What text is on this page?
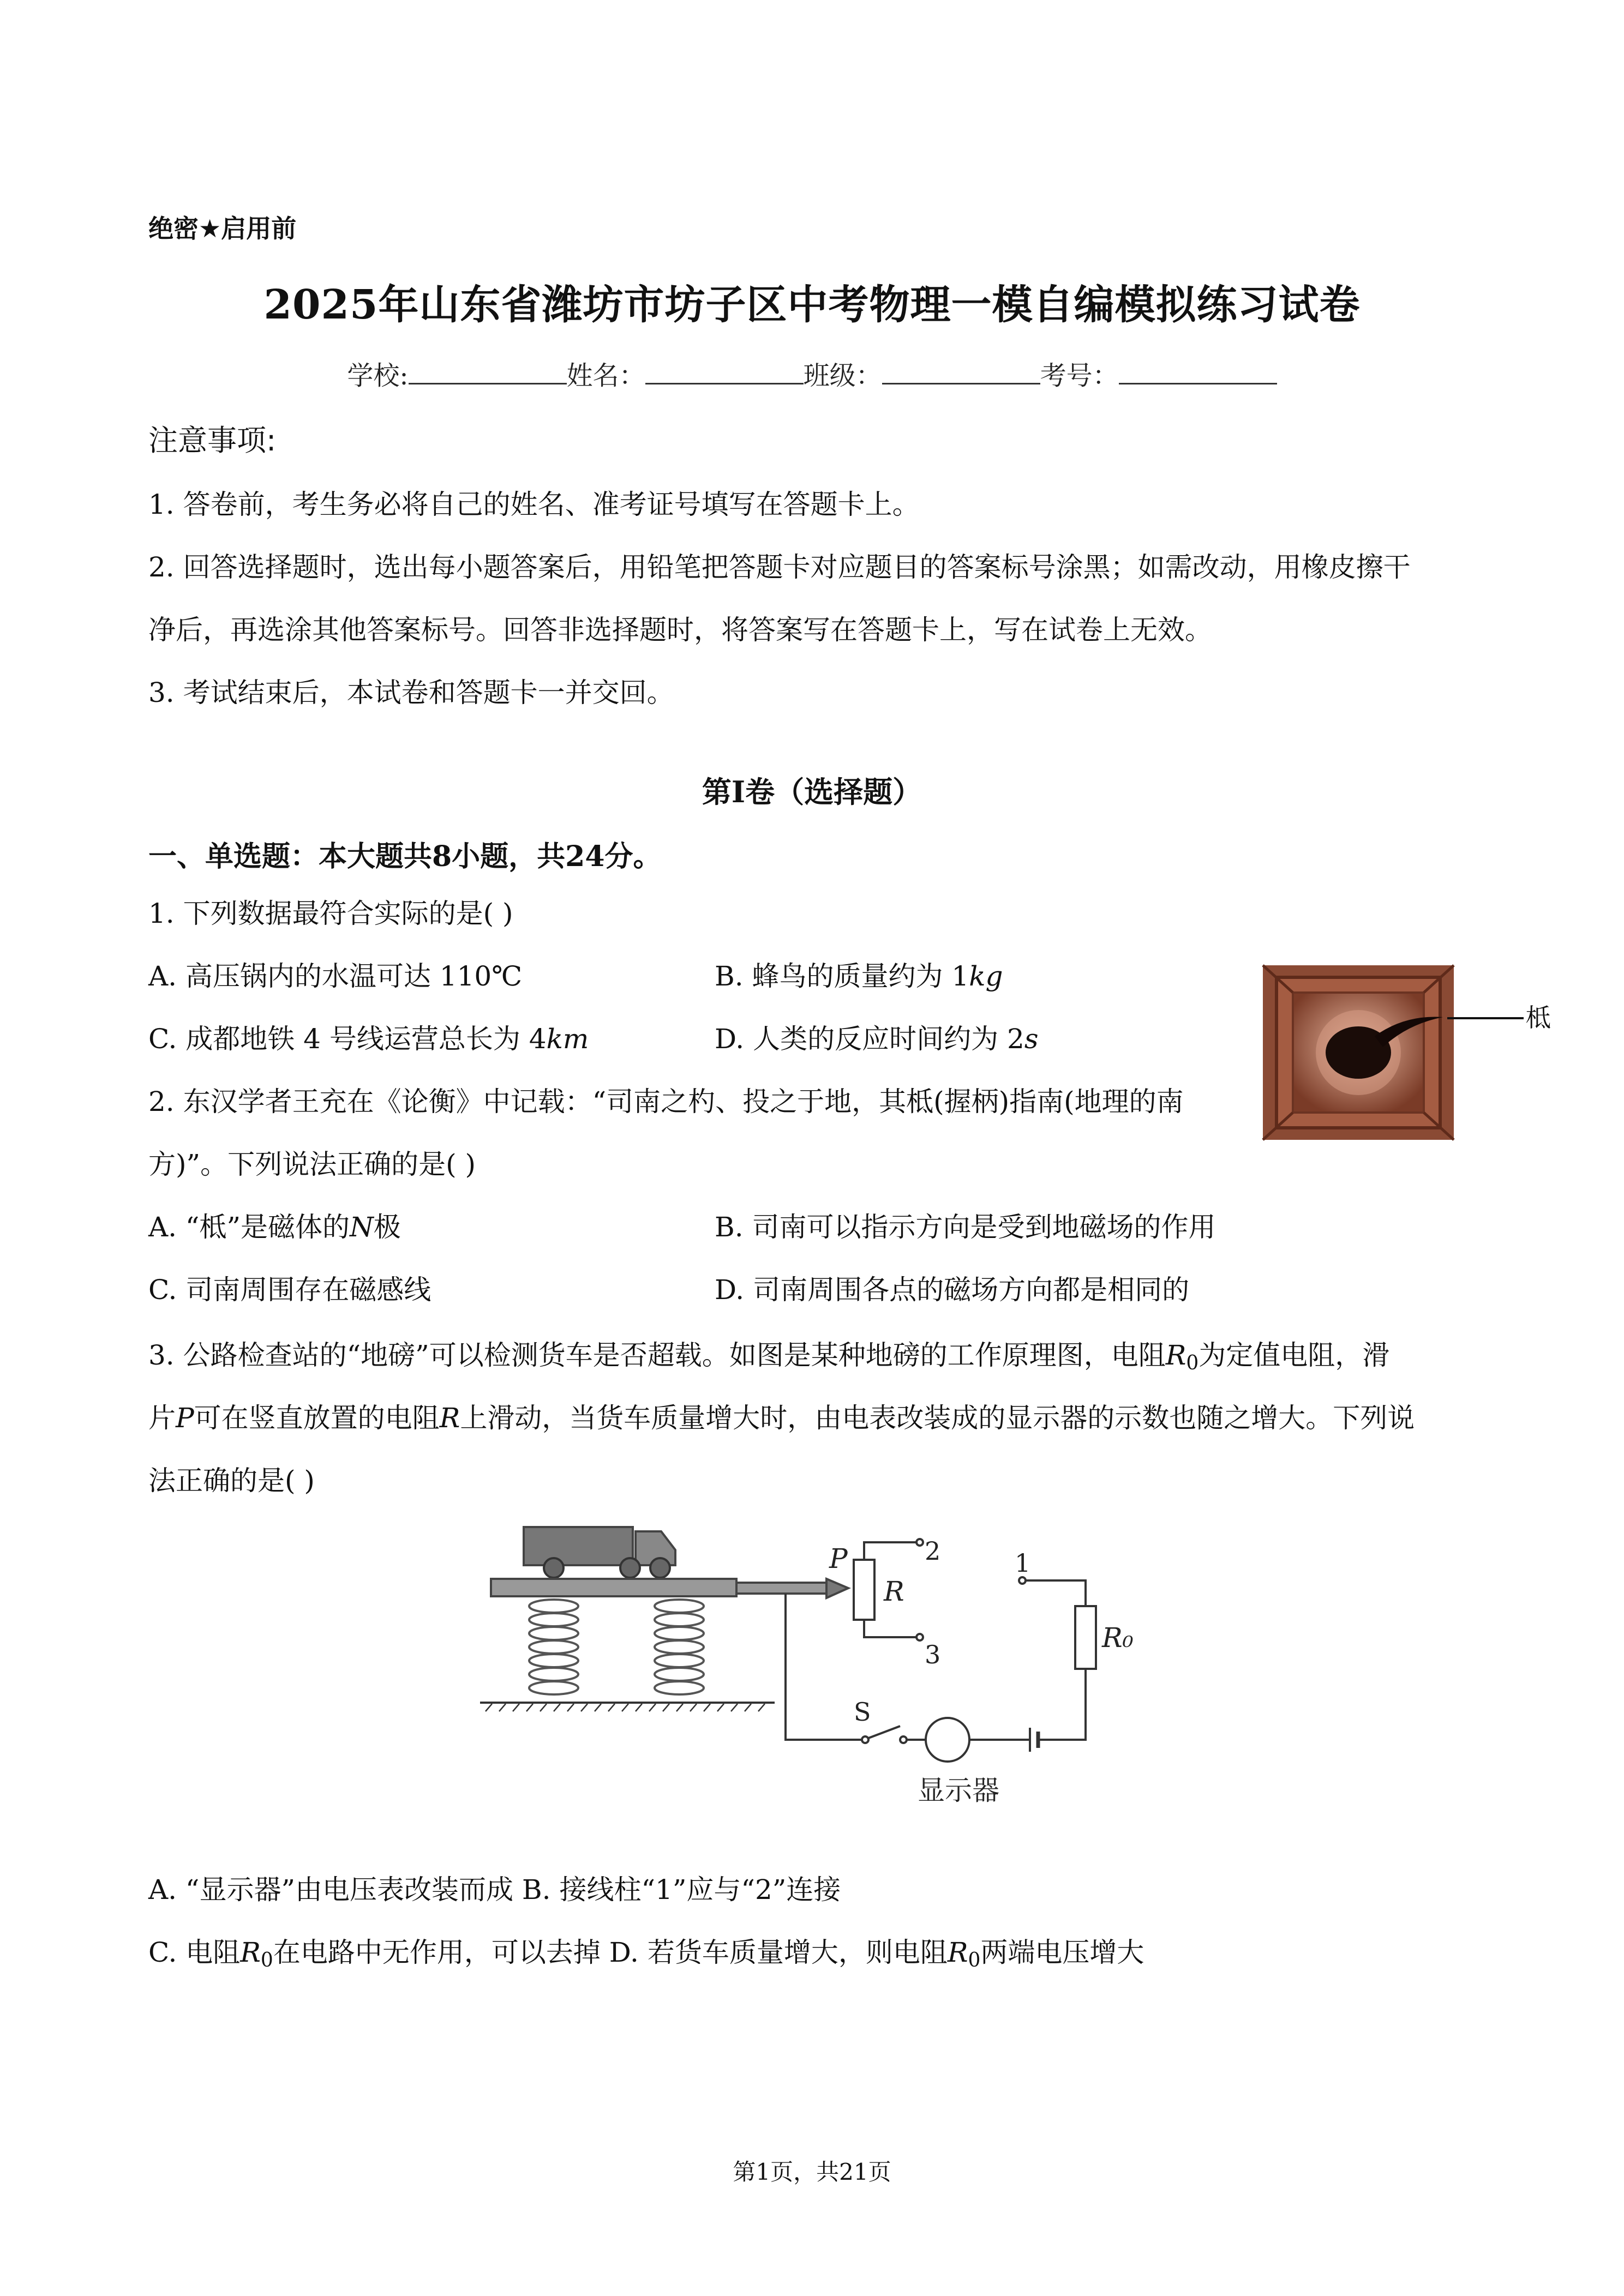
绝密★启用前
2025年山东省潍坊市坊子区中考物理一模自编模拟练习试卷
学校:	姓名：	班级：	考号：
注意事项:
1. 答卷前，考生务必将自己的姓名、准考证号填写在答题卡上。
2. 回答选择题时，选出每小题答案后，用铅笔把答题卡对应题目的答案标号涂黑；如需改动，用橡皮擦干
净后，再选涂其他答案标号。回答非选择题时，将答案写在答题卡上，写在试卷上无效。
3. 考试结束后，本试卷和答题卡一并交回。
第I卷（选择题）
一、单选题：本大题共8小题，共24分。
1. 下列数据最符合实际的是( )
A. 高压锅内的水温可达 110℃	B. 蜂鸟的质量约为 1kg
C. 成都地铁 4 号线运营总长为 4km	D. 人类的反应时间约为 2s
柢
2. 东汉学者王充在《论衡》中记载：“司南之杓、投之于地，其柢(握柄)指南(地理的南
方)”。下列说法正确的是( )
A. “柢”是磁体的N极	B. 司南可以指示方向是受到地磁场的作用
C. 司南周围存在磁感线	D. 司南周围各点的磁场方向都是相同的
3. 公路检查站的“地磅”可以检测货车是否超载。如图是某种地磅的工作原理图，电阻$R_0$为定值电阻，滑
片P可在竖直放置的电阻R上滑动，当货车质量增大时，由电表改装成的显示器的示数也随之增大。下列说
法正确的是( )
P
R
2
3
1
R₀
S
显示器
A. “显示器”由电压表改装而成 B. 接线柱“1”应与“2”连接
C. 电阻$R_0$在电路中无作用，可以去掉 D. 若货车质量增大，则电阻$R_0$两端电压增大
第1页，共21页
